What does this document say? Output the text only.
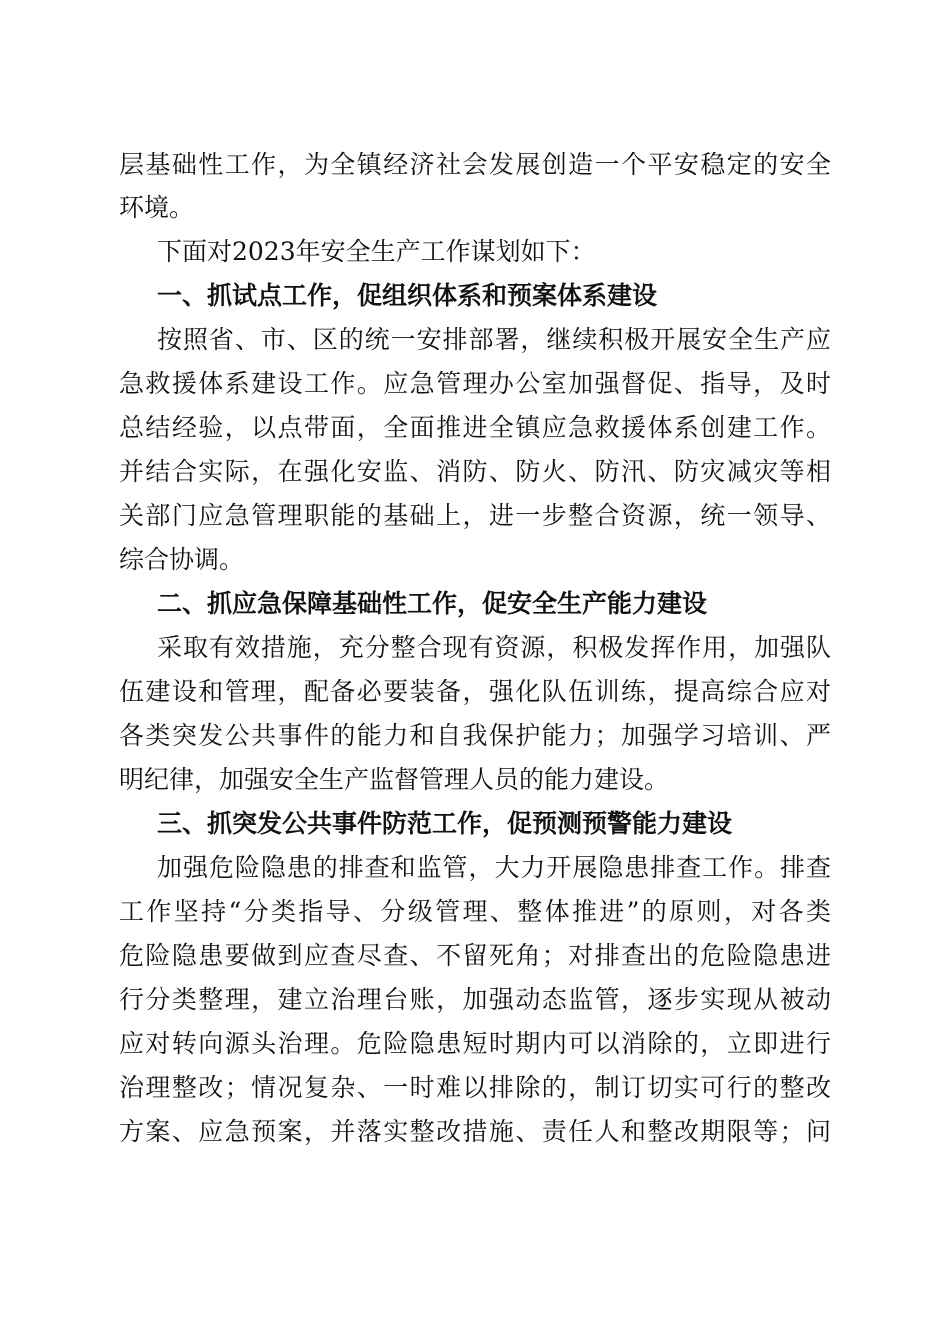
层基础性工作，为全镇经济社会发展创造一个平安稳定的安全
环境。
下面对2023年安全生产工作谋划如下：
一、抓试点工作，促组织体系和预案体系建设
按照省、市、区的统一安排部署，继续积极开展安全生产应
急救援体系建设工作。应急管理办公室加强督促、指导，及时
总结经验，以点带面，全面推进全镇应急救援体系创建工作。
并结合实际，在强化安监、消防、防火、防汛、防灾减灾等相
关部门应急管理职能的基础上，进一步整合资源，统一领导、
综合协调。
二、抓应急保障基础性工作，促安全生产能力建设
采取有效措施，充分整合现有资源，积极发挥作用，加强队
伍建设和管理，配备必要装备，强化队伍训练，提高综合应对
各类突发公共事件的能力和自我保护能力；加强学习培训、严
明纪律，加强安全生产监督管理人员的能力建设。
三、抓突发公共事件防范工作，促预测预警能力建设
加强危险隐患的排查和监管，大力开展隐患排查工作。排查
工作坚持“分类指导、分级管理、整体推进”的原则，对各类
危险隐患要做到应查尽查、不留死角；对排查出的危险隐患进
行分类整理，建立治理台账，加强动态监管，逐步实现从被动
应对转向源头治理。危险隐患短时期内可以消除的，立即进行
治理整改；情况复杂、一时难以排除的，制订切实可行的整改
方案、应急预案，并落实整改措施、责任人和整改期限等；问
